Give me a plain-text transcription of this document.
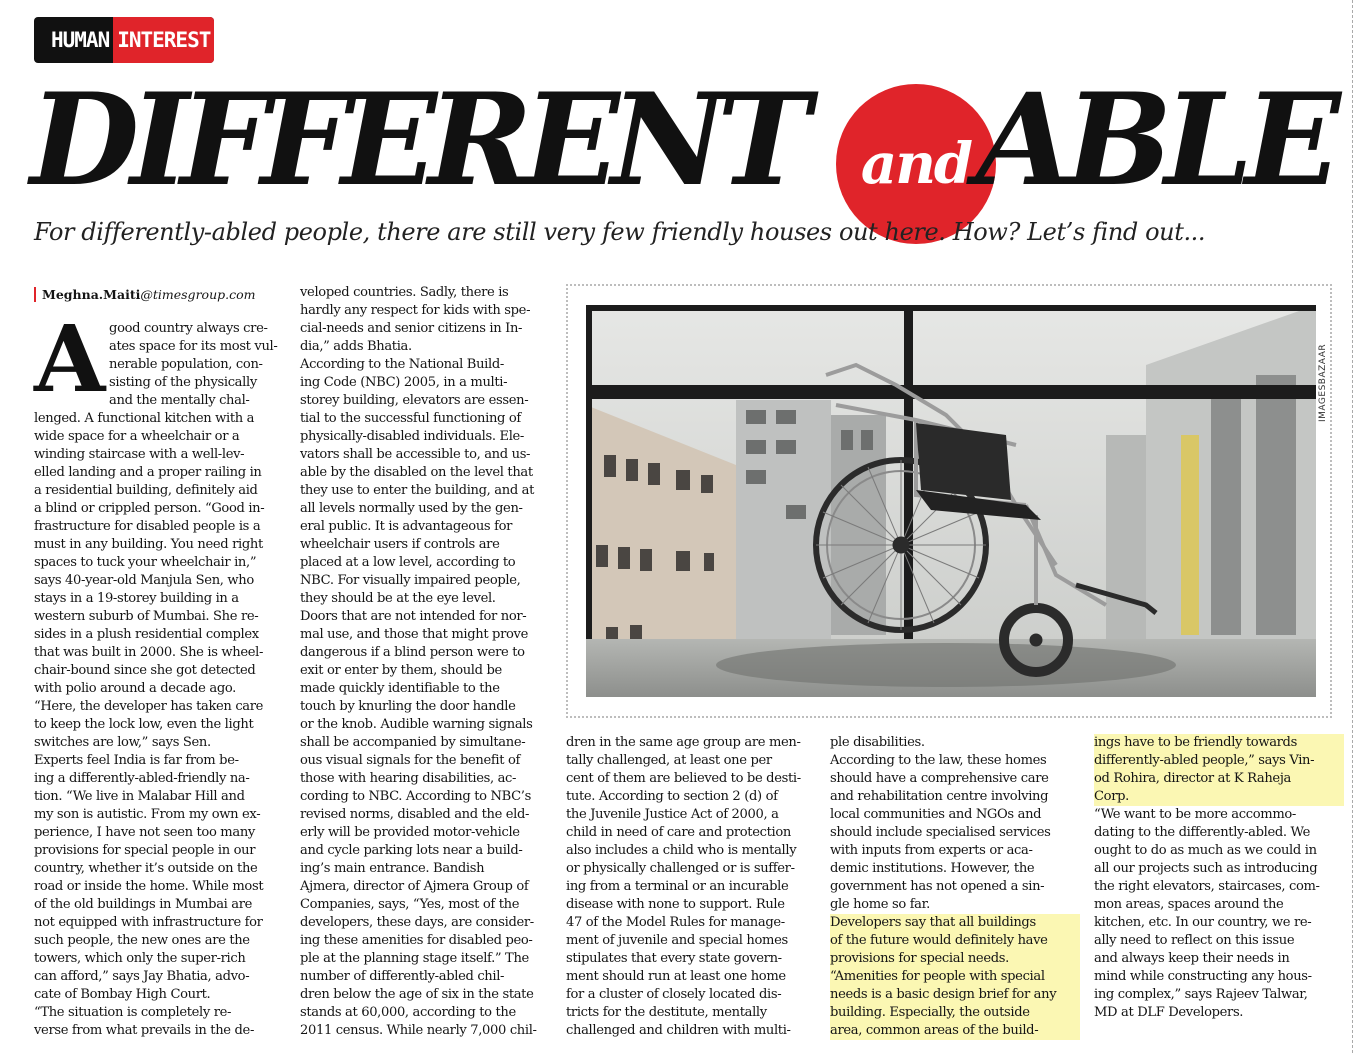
HUMAN INTEREST
DIFFERENT	and ABLE
For differently-abled people, there are still very few friendly houses out here. How? Let’s find out...
Meghna.Maiti@timesgroup.com
Agood country always cre-
ates space for its most vul-
nerable population, con-
sisting of the physically
and the mentally chal-
lenged. A functional kitchen with a
wide space for a wheelchair or a
winding staircase with a well-lev-
elled landing and a proper railing in
a residential building, definitely aid
a blind or crippled person. “Good in-
frastructure for disabled people is a
must in any building. You need right
spaces to tuck your wheelchair in,”
says 40-year-old Manjula Sen, who
stays in a 19-storey building in a
western suburb of Mumbai. She re-
sides in a plush residential complex
that was built in 2000. She is wheel-
chair-bound since she got detected
with polio around a decade ago.
“Here, the developer has taken care
to keep the lock low, even the light
switches are low,” says Sen.
Experts feel India is far from be-
ing a differently-abled-friendly na-
tion. “We live in Malabar Hill and
my son is autistic. From my own ex-
perience, I have not seen too many
provisions for special people in our
country, whether it’s outside on the
road or inside the home. While most
of the old buildings in Mumbai are
not equipped with infrastructure for
such people, the new ones are the
towers, which only the super-rich
can afford,” says Jay Bhatia, advo-
cate of Bombay High Court.
“The situation is completely re-
verse from what prevails in the de-
veloped countries. Sadly, there is
hardly any respect for kids with spe-
cial-needs and senior citizens in In-
dia,” adds Bhatia.
According to the National Build-
ing Code (NBC) 2005, in a multi-
storey building, elevators are essen-
tial to the successful functioning of
physically-disabled individuals. Ele-
vators shall be accessible to, and us-
able by the disabled on the level that
they use to enter the building, and at
all levels normally used by the gen-
eral public. It is advantageous for
wheelchair users if controls are
placed at a low level, according to
NBC. For visually impaired people,
they should be at the eye level.
Doors that are not intended for nor-
mal use, and those that might prove
dangerous if a blind person were to
exit or enter by them, should be
made quickly identifiable to the
touch by knurling the door handle
or the knob. Audible warning signals
shall be accompanied by simultane-
ous visual signals for the benefit of
those with hearing disabilities, ac-
cording to NBC. According to NBC’s
revised norms, disabled and the eld-
erly will be provided motor-vehicle
and cycle parking lots near a build-
ing’s main entrance. Bandish
Ajmera, director of Ajmera Group of
Companies, says, “Yes, most of the
developers, these days, are consider-
ing these amenities for disabled peo-
ple at the planning stage itself.” The
number of differently-abled chil-
dren below the age of six in the state
stands at 60,000, according to the
2011 census. While nearly 7,000 chil-
IMAGESBAZAAR
dren in the same age group are men-
tally challenged, at least one per
cent of them are believed to be desti-
tute. According to section 2 (d) of
the Juvenile Justice Act of 2000, a
child in need of care and protection
also includes a child who is mentally
or physically challenged or is suffer-
ing from a terminal or an incurable
disease with none to support. Rule
47 of the Model Rules for manage-
ment of juvenile and special homes
stipulates that every state govern-
ment should run at least one home
for a cluster of closely located dis-
tricts for the destitute, mentally
challenged and children with multi-
ple disabilities.
According to the law, these homes
should have a comprehensive care
and rehabilitation centre involving
local communities and NGOs and
should include specialised services
with inputs from experts or aca-
demic institutions. However, the
government has not opened a sin-
gle home so far.

Developers say that all buildings
of the future would definitely have
provisions for special needs.
“Amenities for people with special
needs is a basic design brief for any
building. Especially, the outside
area, common areas of the build-
ings have to be friendly towards
differently-abled people,” says Vin-
od Rohira, director at K Raheja
Corp.
“We want to be more accommo-
dating to the differently-abled. We
ought to do as much as we could in
all our projects such as introducing
the right elevators, staircases, com-
mon areas, spaces around the
kitchen, etc. In our country, we re-
ally need to reflect on this issue
and always keep their needs in
mind while constructing any hous-
ing complex,” says Rajeev Talwar,
MD at DLF Developers.
